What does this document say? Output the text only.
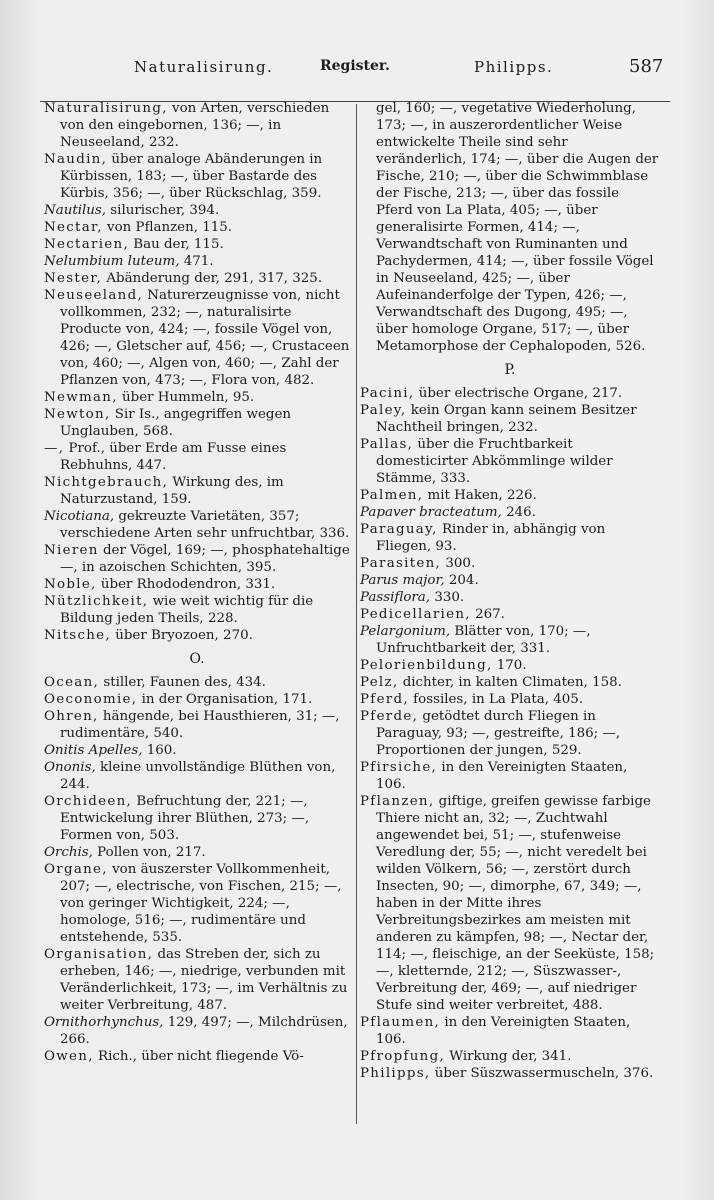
Naturalisirung.	Register.	Philipps.	587

Naturalisirung, von Arten, verschieden von den eingebornen, 136; —, in Neuseeland, 232.

Naudin, über analoge Abänderungen in Kürbissen, 183; —, über Bastarde des Kürbis, 356; —, über Rückschlag, 359.

Nautilus, silurischer, 394.

Nectar, von Pflanzen, 115.

Nectarien, Bau der, 115.

Nelumbium luteum, 471.

Nester, Abänderung der, 291, 317, 325.

Neuseeland, Naturerzeugnisse von, nicht vollkommen, 232; —, naturalisirte Producte von, 424; —, fossile Vögel von, 426; —, Gletscher auf, 456; —, Crustaceen von, 460; —, Algen von, 460; —, Zahl der Pflanzen von, 473; —, Flora von, 482.

Newman, über Hummeln, 95.

Newton, Sir Is., angegriffen wegen Unglauben, 568.

—, Prof., über Erde am Fusse eines Rebhuhns, 447.

Nichtgebrauch, Wirkung des, im Naturzustand, 159.

Nicotiana, gekreuzte Varietäten, 357; verschiedene Arten sehr unfruchtbar, 336.

Nieren der Vögel, 169; —, phosphatehaltige —, in azoischen Schichten, 395.

Noble, über Rhododendron, 331.

Nützlichkeit, wie weit wichtig für die Bildung jeden Theils, 228.

Nitsche, über Bryozoen, 270.

O.

Ocean, stiller, Faunen des, 434.

Oeconomie, in der Organisation, 171.

Ohren, hängende, bei Hausthieren, 31; —, rudimentäre, 540.

Onitis Apelles, 160.

Ononis, kleine unvollständige Blüthen von, 244.

Orchideen, Befruchtung der, 221; —, Entwickelung ihrer Blüthen, 273; —, Formen von, 503.

Orchis, Pollen von, 217.

Organe, von äuszerster Vollkommenheit, 207; —, electrische, von Fischen, 215; —, von geringer Wichtigkeit, 224; —, homologe, 516; —, rudimentäre und entstehende, 535.

Organisation, das Streben der, sich zu erheben, 146; —, niedrige, verbunden mit Veränderlichkeit, 173; —, im Verhältnis zu weiter Verbreitung, 487.

Ornithorhynchus, 129, 497; —, Milchdrüsen, 266.

Owen, Rich., über nicht fliegende Vö-

gel, 160; —, vegetative Wiederholung, 173; —, in auszerordentlicher Weise entwickelte Theile sind sehr veränderlich, 174; —, über die Augen der Fische, 210; —, über die Schwimmblase der Fische, 213; —, über das fossile Pferd von La Plata, 405; —, über generalisirte Formen, 414; —, Verwandtschaft von Ruminanten und Pachydermen, 414; —, über fossile Vögel in Neuseeland, 425; —, über Aufeinanderfolge der Typen, 426; —, Verwandtschaft des Dugong, 495; —, über homologe Organe, 517; —, über Metamorphose der Cephalopoden, 526.

P.

Pacini, über electrische Organe, 217.

Paley, kein Organ kann seinem Besitzer Nachtheil bringen, 232.

Pallas, über die Fruchtbarkeit domesticirter Abkömmlinge wilder Stämme, 333.

Palmen, mit Haken, 226.

Papaver bracteatum, 246.

Paraguay, Rinder in, abhängig von Fliegen, 93.

Parasiten, 300.

Parus major, 204.

Passiflora, 330.

Pedicellarien, 267.

Pelargonium, Blätter von, 170; —, Unfruchtbarkeit der, 331.

Pelorienbildung, 170.

Pelz, dichter, in kalten Climaten, 158.

Pferd, fossiles, in La Plata, 405.

Pferde, getödtet durch Fliegen in Paraguay, 93; —, gestreifte, 186; —, Proportionen der jungen, 529.

Pfirsiche, in den Vereinigten Staaten, 106.

Pflanzen, giftige, greifen gewisse farbige Thiere nicht an, 32; —, Zuchtwahl angewendet bei, 51; —, stufenweise Veredlung der, 55; —, nicht veredelt bei wilden Völkern, 56; —, zerstört durch Insecten, 90; —, dimorphe, 67, 349; —, haben in der Mitte ihres Verbreitungsbezirkes am meisten mit anderen zu kämpfen, 98; —, Nectar der, 114; —, fleischige, an der Seeküste, 158; —, kletternde, 212; —, Süszwasser-, Verbreitung der, 469; —, auf niedriger Stufe sind weiter verbreitet, 488.

Pflaumen, in den Vereinigten Staaten, 106.

Pfropfung, Wirkung der, 341.

Philipps, über Süszwassermuscheln, 376.
